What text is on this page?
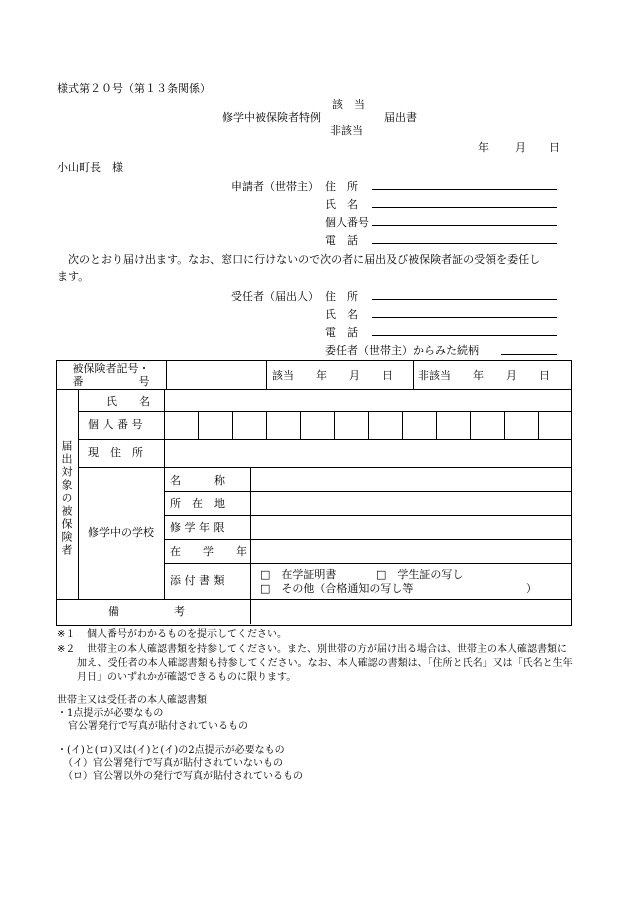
様式第２０号（第１３条関係）
該　当
修学中被保険者特例	届出書
非該当
年 月 日
小山町長　様
申請者（世帯主） 住　所
氏　名
個人番号
電　話
　次のとおり届け出ます。なお、窓口に行けないので次の者に届出及び被保険者証の受領を委任し
ます。
受任者（届出人） 住　所
氏　名
電　話
委任者（世帯主）からみた続柄
被保険者記号・
番　　　　　号	該当　　年　　月　　日 非該当　　年　　月　　日
届出対象の被保険者
氏　　名
個 人 番 号
現　住　所
修学中の学校
名　　　称
所　在　地
修 学 年 限
在　　学　　年
添 付 書 類	□　在学証明書	□　学生証の写し
□　その他（合格通知の写し等	）
備　　　　　考
※１ 個人番号がわかるものを提示してください。
※２ 世帯主の本人確認書類を持参してください。また、別世帯の方が届け出る場合は、世帯主の本人確認書類に
加え、受任者の本人確認書類も持参してください。なお、本人確認の書類は、「住所と氏名」又は「氏名と生年
月日」のいずれかが確認できるものに限ります。
世帯主又は受任者の本人確認書類
・1点提示が必要なもの
官公署発行で写真が貼付されているもの
・(イ)と(ロ)又は(イ)と(イ)の2点提示が必要なもの
（イ）官公署発行で写真が貼付されていないもの
（ロ）官公署以外の発行で写真が貼付されているもの
